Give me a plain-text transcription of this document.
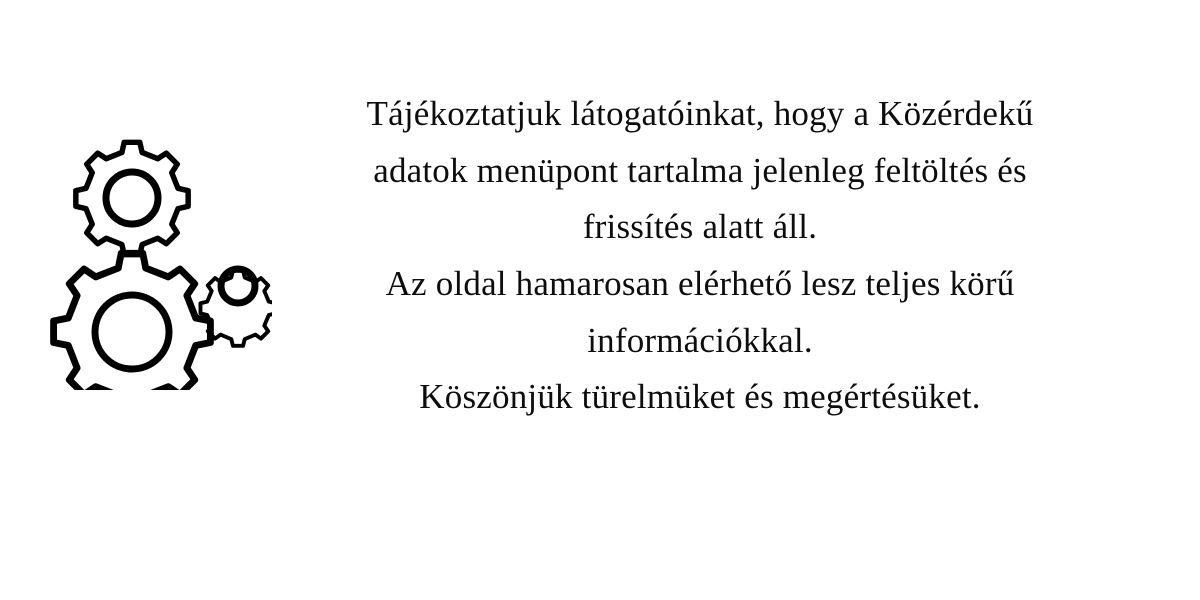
Tájékoztatjuk látogatóinkat, hogy a Közérdekű
adatok menüpont tartalma jelenleg feltöltés és
frissítés alatt áll.
Az oldal hamarosan elérhető lesz teljes körű
információkkal.
Köszönjük türelmüket és megértésüket.
